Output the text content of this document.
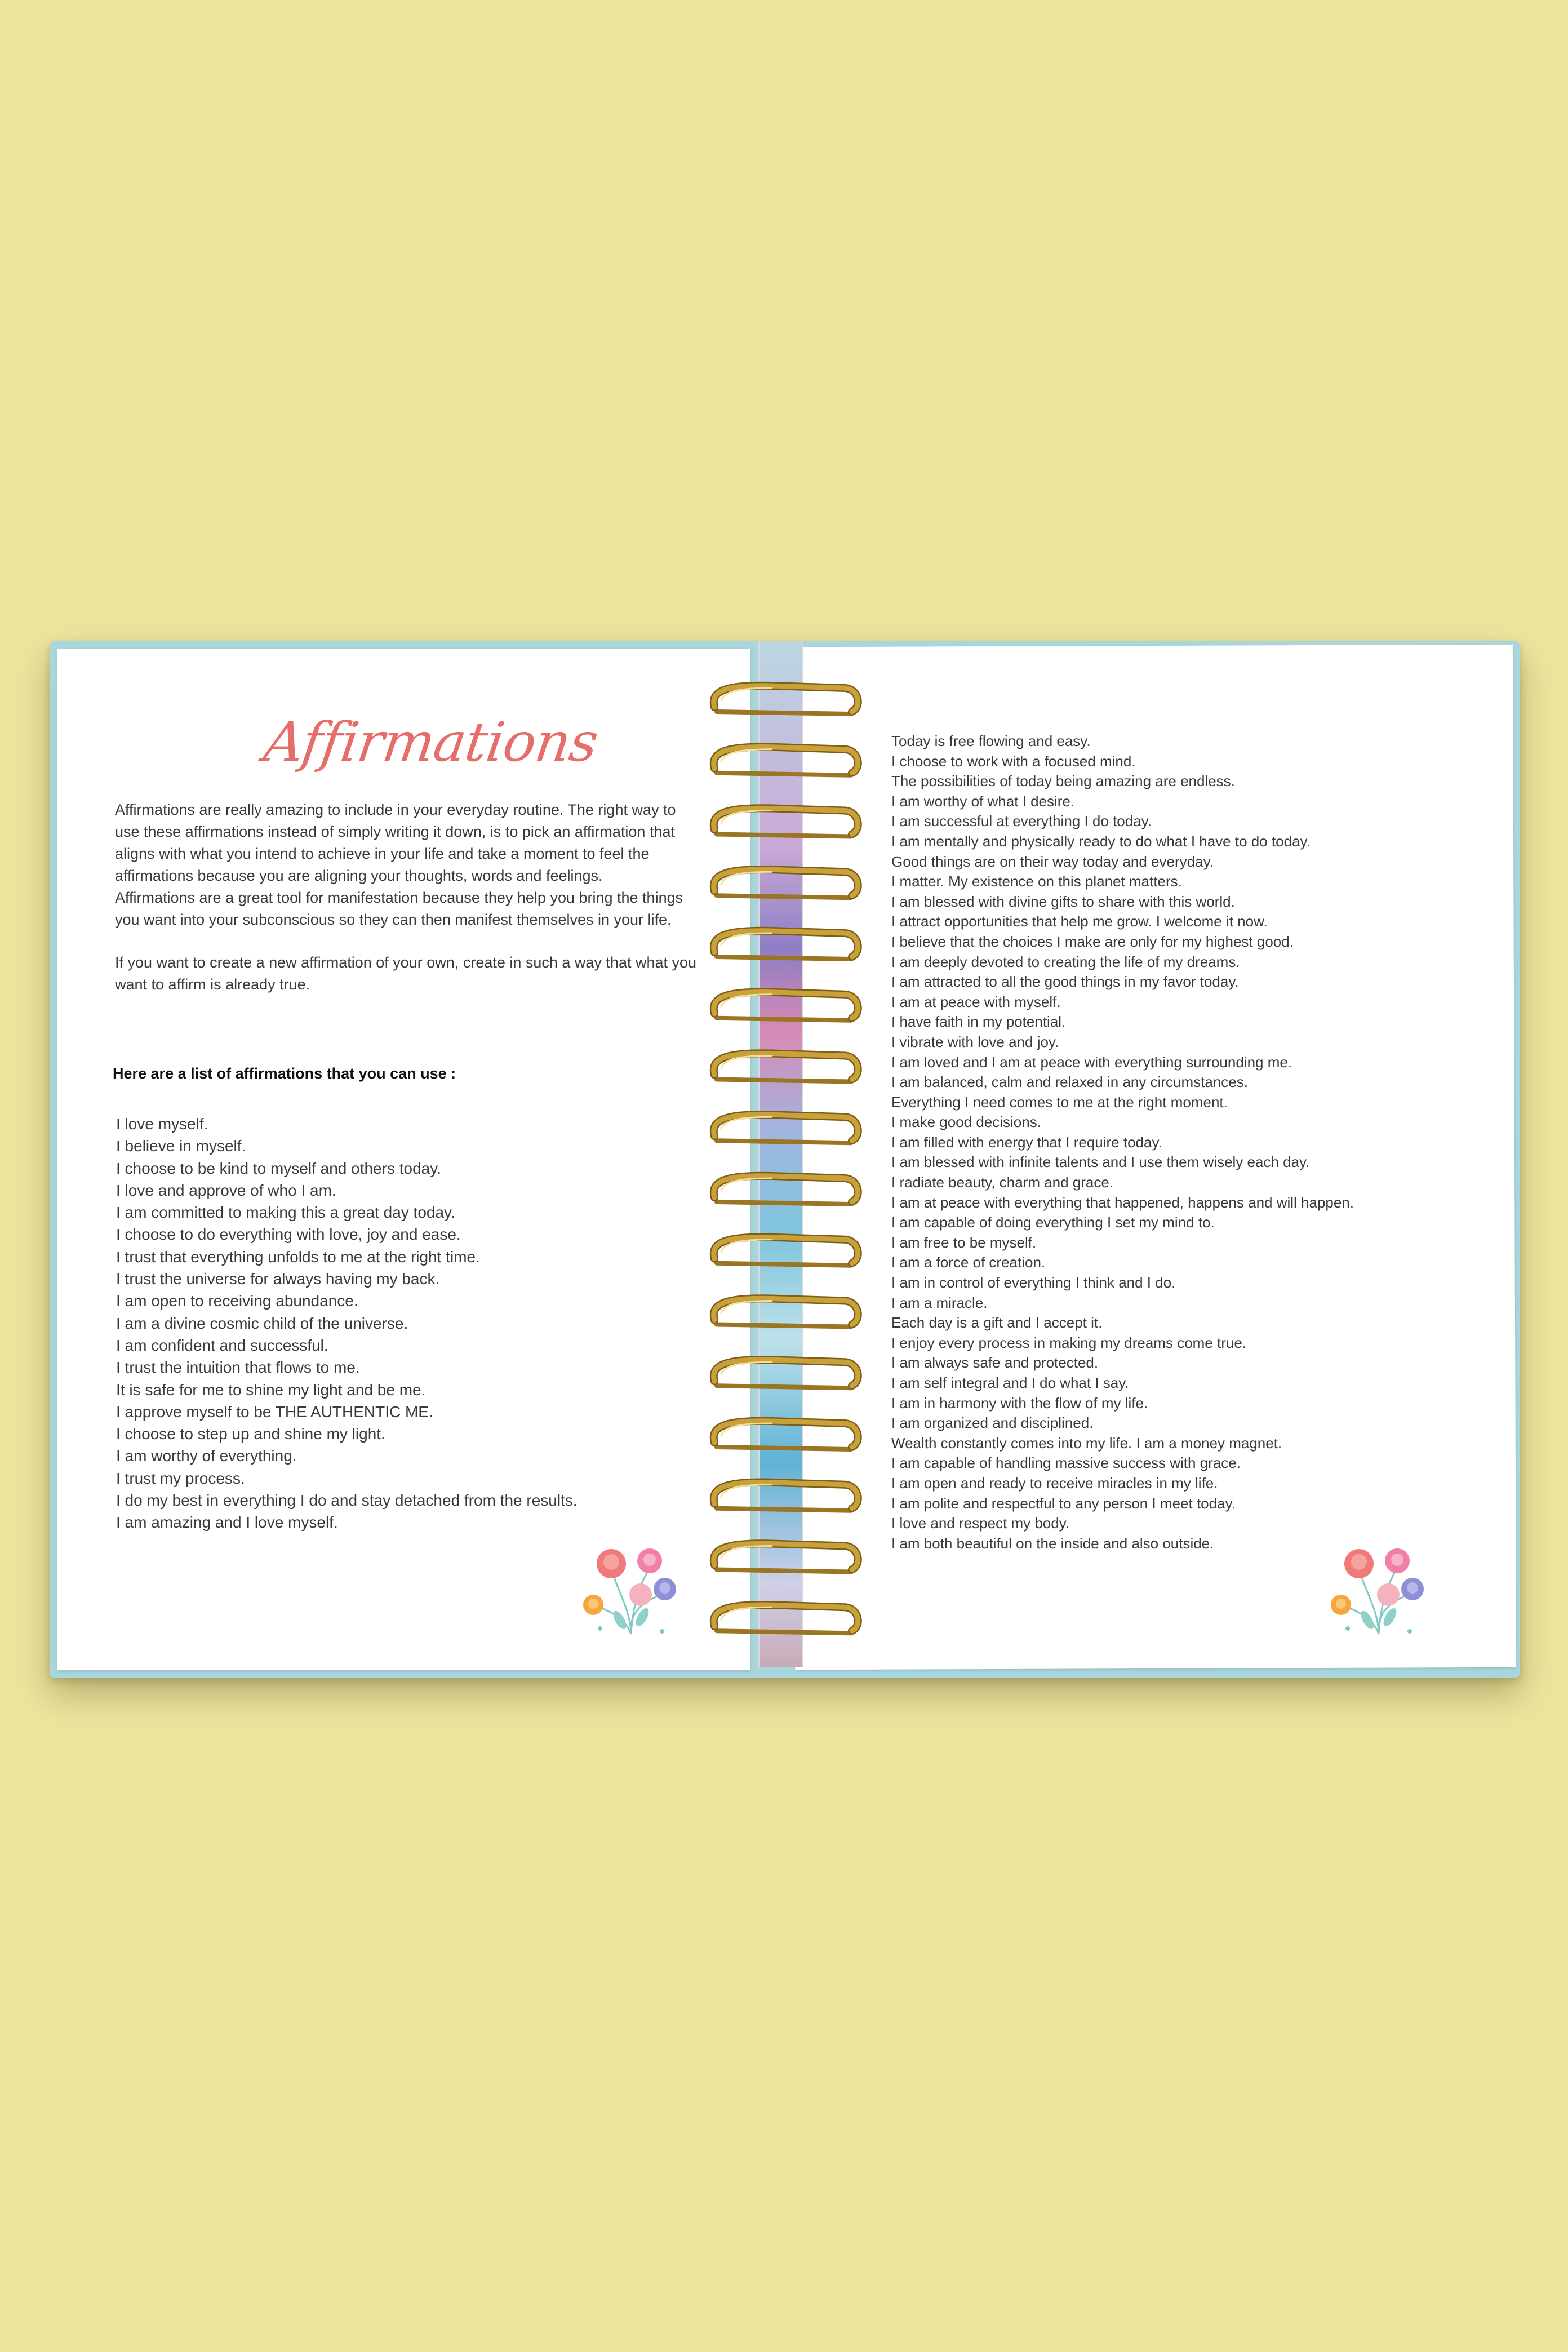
Affirmations

Affirmations are really amazing to include in your everyday routine. The right way to use these affirmations instead of simply writing it down, is to pick an affirmation that aligns with what you intend to achieve in your life and take a moment to feel the affirmations because you are aligning your thoughts, words and feelings.

Affirmations are a great tool for manifestation because they help you bring the things you want into your subconscious so they can then manifest themselves in your life.

If you want to create a new affirmation of your own, create in such a way that what you want to affirm is already true.

Here are a list of affirmations that you can use :

I love myself.
I believe in myself.
I choose to be kind to myself and others today.
I love and approve of who I am.
I am committed to making this a great day today.
I choose to do everything with love, joy and ease.
I trust that everything unfolds to me at the right time.
I trust the universe for always having my back.
I am open to receiving abundance.
I am a divine cosmic child of the universe.
I am confident and successful.
I trust the intuition that flows to me.
It is safe for me to shine my light and be me.
I approve myself to be THE AUTHENTIC ME.
I choose to step up and shine my light.
I am worthy of everything.
I trust my process.
I do my best in everything I do and stay detached from the results.
I am amazing and I love myself.
Today is free flowing and easy.
I choose to work with a focused mind.
The possibilities of today being amazing are endless.
I am worthy of what I desire.
I am successful at everything I do today.
I am mentally and physically ready to do what I have to do today.
Good things are on their way today and everyday.
I matter. My existence on this planet matters.
I am blessed with divine gifts to share with this world.
I attract opportunities that help me grow. I welcome it now.
I believe that the choices I make are only for my highest good.
I am deeply devoted to creating the life of my dreams.
I am attracted to all the good things in my favor today.
I am at peace with myself.
I have faith in my potential.
I vibrate with love and joy.
I am loved and I am at peace with everything surrounding me.
I am balanced, calm and relaxed in any circumstances.
Everything I need comes to me at the right moment.
I make good decisions.
I am filled with energy that I require today.
I am blessed with infinite talents and I use them wisely each day.
I radiate beauty, charm and grace.
I am at peace with everything that happened, happens and will happen.
I am capable of doing everything I set my mind to.
I am free to be myself.
I am a force of creation.
I am in control of everything I think and I do.
I am a miracle.
Each day is a gift and I accept it.
I enjoy every process in making my dreams come true.
I am always safe and protected.
I am self integral and I do what I say.
I am in harmony with the flow of my life.
I am organized and disciplined.
Wealth constantly comes into my life. I am a money magnet.
I am capable of handling massive success with grace.
I am open and ready to receive miracles in my life.
I am polite and respectful to any person I meet today.
I love and respect my body.
I am both beautiful on the inside and also outside.
